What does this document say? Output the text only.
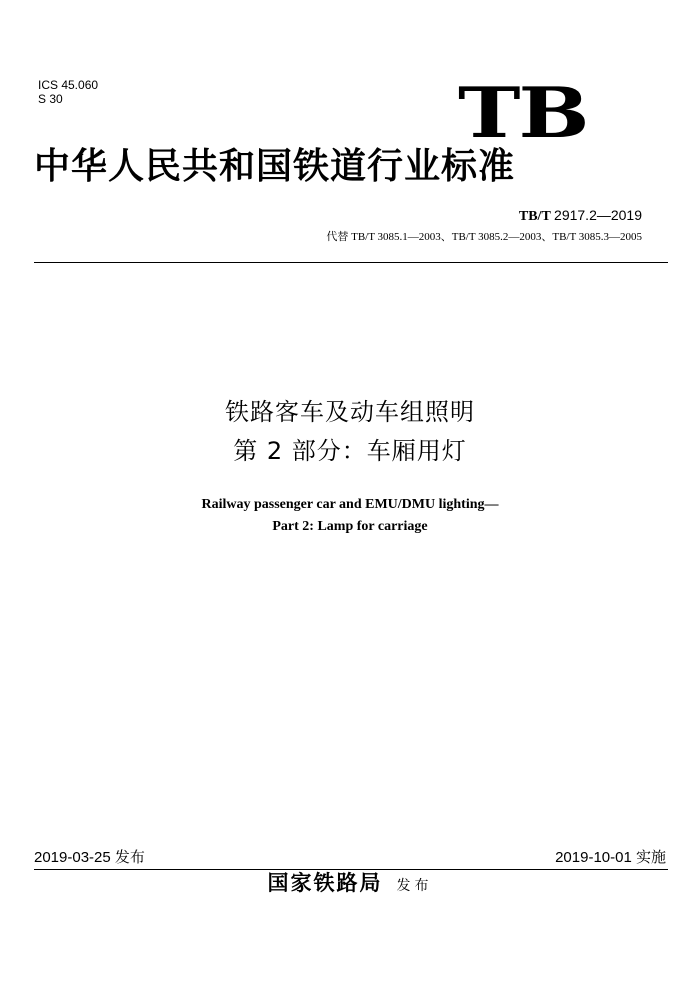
ICS 45.060
S 30	TB
中华人民共和国铁道行业标准
TB/T 2917.2—2019
代替 TB/T 3085.1—2003、TB/T 3085.2—2003、TB/T 3085.3—2005
铁路客车及动车组照明
第 2 部分：车厢用灯
Railway passenger car and EMU/DMU lighting—
Part 2: Lamp for carriage
2019-03-25 发布	2019-10-01 实施
国家铁路局 发布
